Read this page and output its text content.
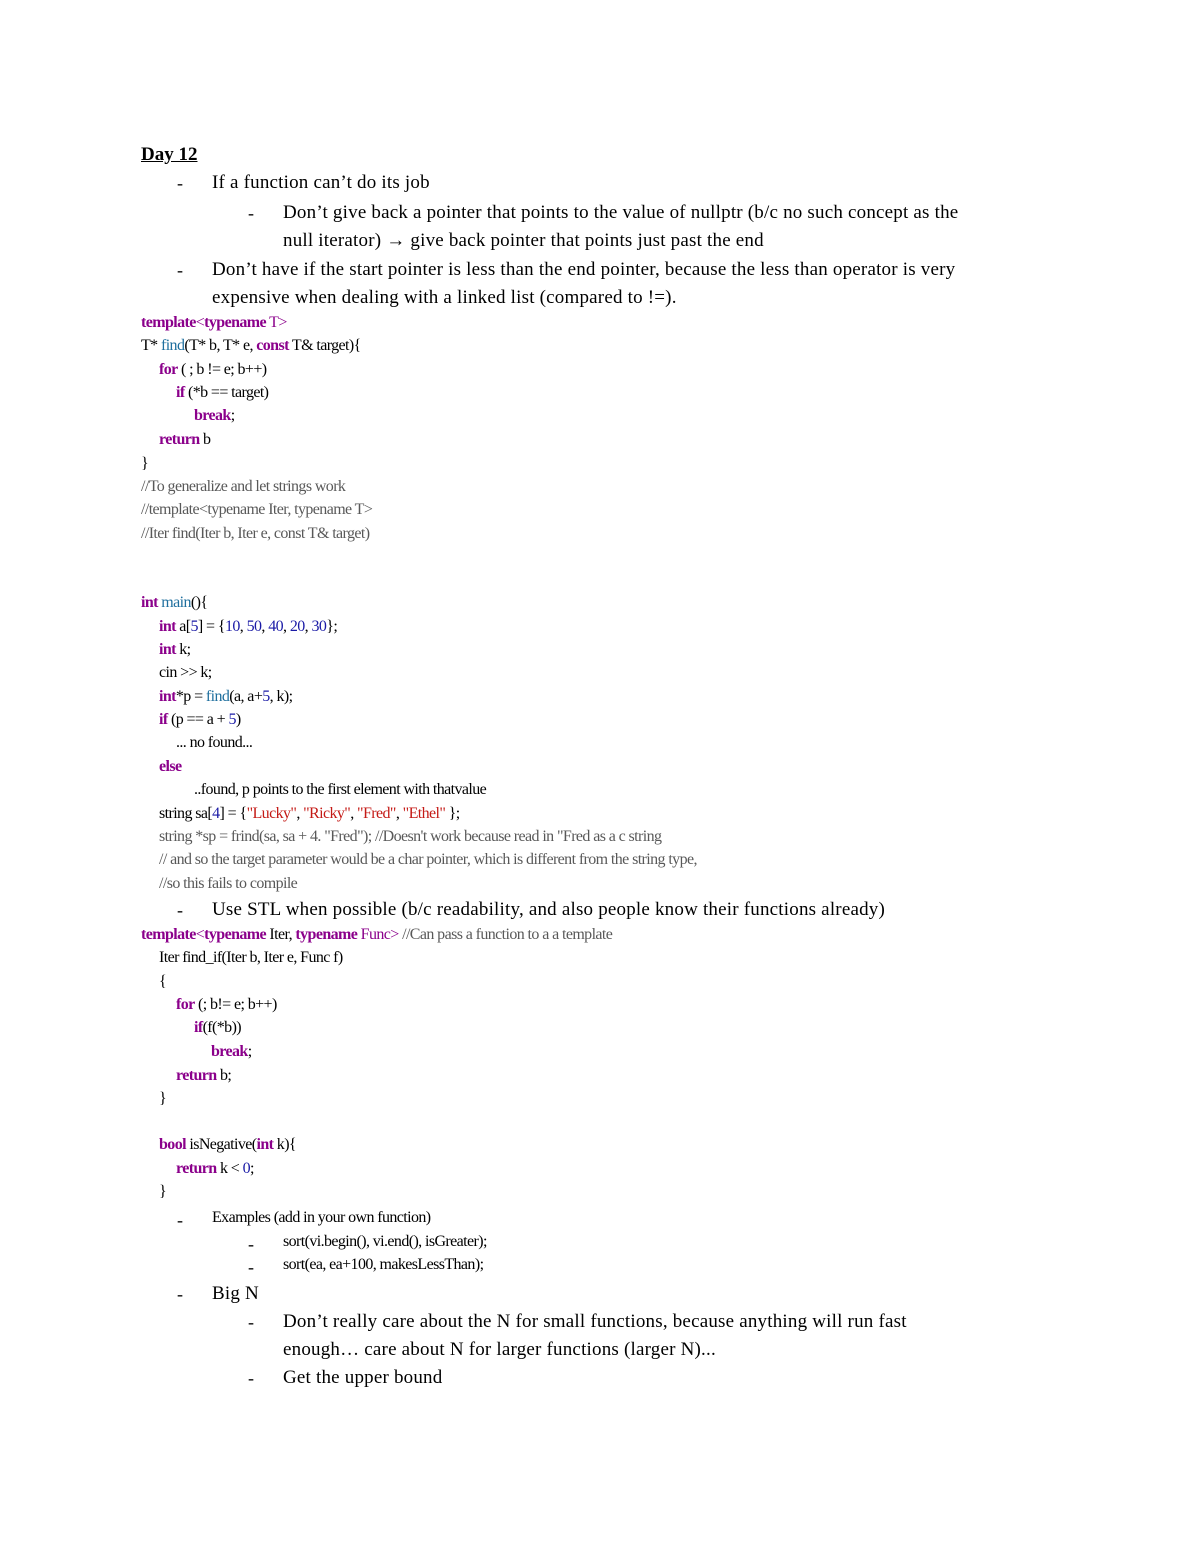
Day 12
- If a function can’t do its job
- Don’t give back a pointer that points to the value of nullptr (b/c no such concept as the
null iterator) → give back pointer that points just past the end
- Don’t have if the start pointer is less than the end pointer, because the less than operator is very
expensive when dealing with a linked list (compared to !=).
template<typename T>
T* find(T* b, T* e, const T& target){
for ( ; b != e; b++)
if (*b == target)
break;
return b
}
//To generalize and let strings work
//template<typename Iter, typename T>
//Iter find(Iter b, Iter e, const T& target)
int main(){
int a[5] = {10, 50, 40, 20, 30};
int k;
cin >> k;
int*p = find(a, a+5, k);
if (p == a + 5)
... no found...
else
..found, p points to the first element with thatvalue
string sa[4] = {"Lucky", "Ricky", "Fred", "Ethel" };
string *sp = frind(sa, sa + 4. "Fred"); //Doesn't work because read in "Fred as a c string
// and so the target parameter would be a char pointer, which is different from the string type,
//so this fails to compile
- Use STL when possible (b/c readability, and also people know their functions already)
template<typename Iter, typename Func> //Can pass a function to a a template
Iter find_if(Iter b, Iter e, Func f)
{
for (; b!= e; b++)
if(f(*b))
break;
return b;
}
bool isNegative(int k){
return k < 0;
}
- Examples (add in your own function)
- sort(vi.begin(), vi.end(), isGreater);
- sort(ea, ea+100, makesLessThan);
- Big N
- Don’t really care about the N for small functions, because anything will run fast
enough… care about N for larger functions (larger N)...
- Get the upper bound
